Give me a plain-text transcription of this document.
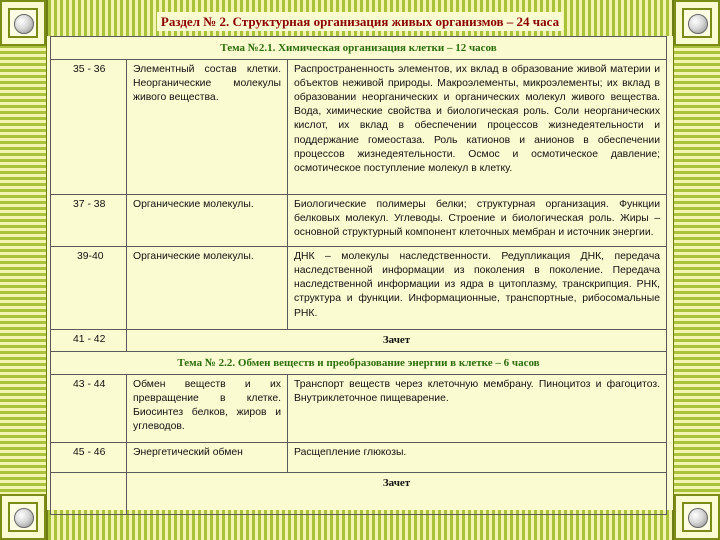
Раздел № 2. Структурная организация живых организмов – 24 часа
Тема №2.1. Химическая организация клетки – 12 часов		
35 - 36	Элементный состав клетки. Неорганические молекулы живого вещества.	Распространенность элементов, их вклад в образование живой материи и объектов неживой природы. Макроэлементы, микроэлементы; их вклад в образовании неорганических и органических молекул живого вещества. Вода, химические свойства и биологическая роль. Соли неорганических кислот, их вклад в обеспечении процессов жизнедеятельности и поддержание гомеостаза. Роль катионов и анионов в обеспечении процессов жизнедеятельности. Осмос и осмотическое давление; осмотическое поступление молекул в клетку.
37 - 38	Органические молекулы.	Биологические полимеры белки; структурная организация. Функции белковых молекул. Углеводы. Строение и биологическая роль. Жиры – основной структурный компонент клеточных мембран и источник энергии.
39-40	Органические молекулы.	ДНК – молекулы наследственности. Редупликация ДНК, передача наследственной информации из поколения в поколение. Передача наследственной информации из ядра в цитоплазму, транскрипция. РНК, структура и функции. Информационные, транспортные, рибосомальные РНК.
41 - 42	Зачет	
Тема № 2.2. Обмен веществ и преобразование энергии в клетке – 6 часов		
43 - 44	Обмен веществ и их превращение в клетке. Биосинтез белков, жиров и углеводов.	Транспорт веществ через клеточную мембрану. Пиноцитоз и фагоцитоз. Внутриклеточное пищеварение.
45 - 46	Энергетический обмен	Расщепление глюкозы.
	Зачет	
